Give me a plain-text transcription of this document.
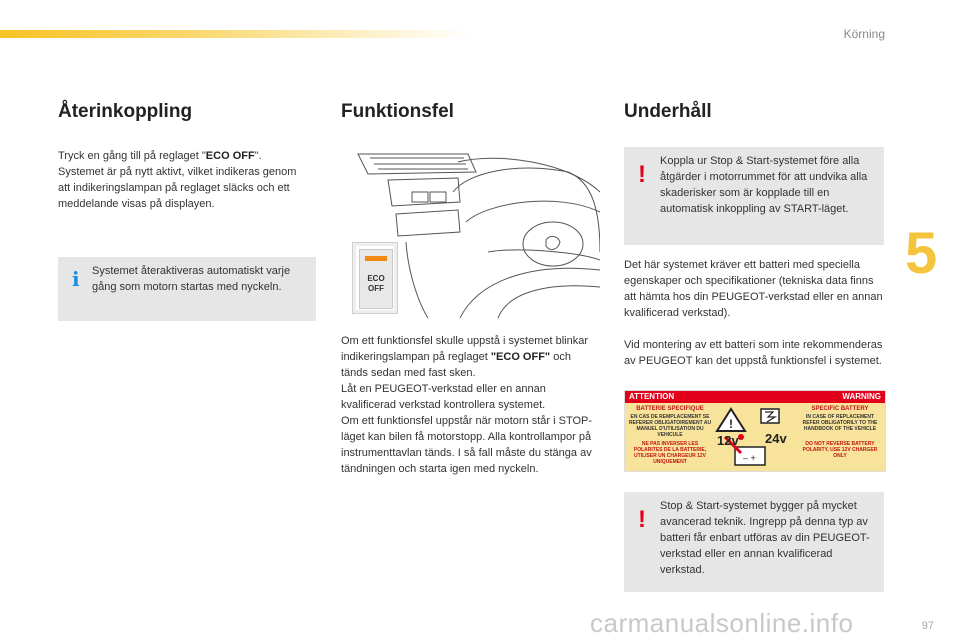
Körning
5
Återinkoppling

Tryck en gång till på reglaget "ECO OFF". Systemet är på nytt aktivt, vilket indikeras genom att indikeringslampan på reglaget släcks och ett meddelande visas på displayen.

i Systemet återaktiveras automatiskt varje gång som motorn startas med nyckeln.

Funktionsfel
ECO
OFF

Om ett funktionsfel skulle uppstå i systemet blinkar indikeringslampan på reglaget "ECO OFF" och tänds sedan med fast sken.

Låt en PEUGEOT-verkstad eller en annan kvalificerad verkstad kontrollera systemet.

Om ett funktionsfel uppstår när motorn står i STOP-läget kan bilen få motorstopp. Alla kontrollampor på instrumenttavlan tänds. I så fall måste du stänga av tändningen och starta igen med nyckeln.

Underhåll
! Koppla ur Stop & Start-systemet före alla åtgärder i motorrummet för att undvika alla skaderisker som är kopplade till en automatisk inkoppling av START-läget.

Det här systemet kräver ett batteri med speciella egenskaper och specifikationer (tekniska data finns att hämta hos din PEUGEOT-verkstad eller en annan kvalificerad verkstad).

Vid montering av ett batteri som inte rekommenderas av PEUGEOT kan det uppstå funktionsfel i systemet.

ATTENTION	WARNING
BATTERIE SPECIFIQUE
EN CAS DE REMPLACEMENT SE REFERER OBLIGATOIREMENT AU MANUEL D'UTILISATION DU VEHICULE
NE PAS INVERSER LES POLARITES DE LA BATTERIE, UTILISER UN CHARGEUR 12V UNIQUEMENT
SPECIFIC BATTERY
IN CASE OF REPLACEMENT REFER OBLIGATORILY TO THE HANDBOOK OF THE VEHICLE
DO NOT REVERSE BATTERY POLARITY, USE 12V CHARGER ONLY
!
– +
12v 24v
! Stop & Start-systemet bygger på mycket avancerad teknik. Ingrepp på denna typ av batteri får enbart utföras av din PEUGEOT-verkstad eller en annan kvalificerad verkstad.

97
carmanualsonline.info
